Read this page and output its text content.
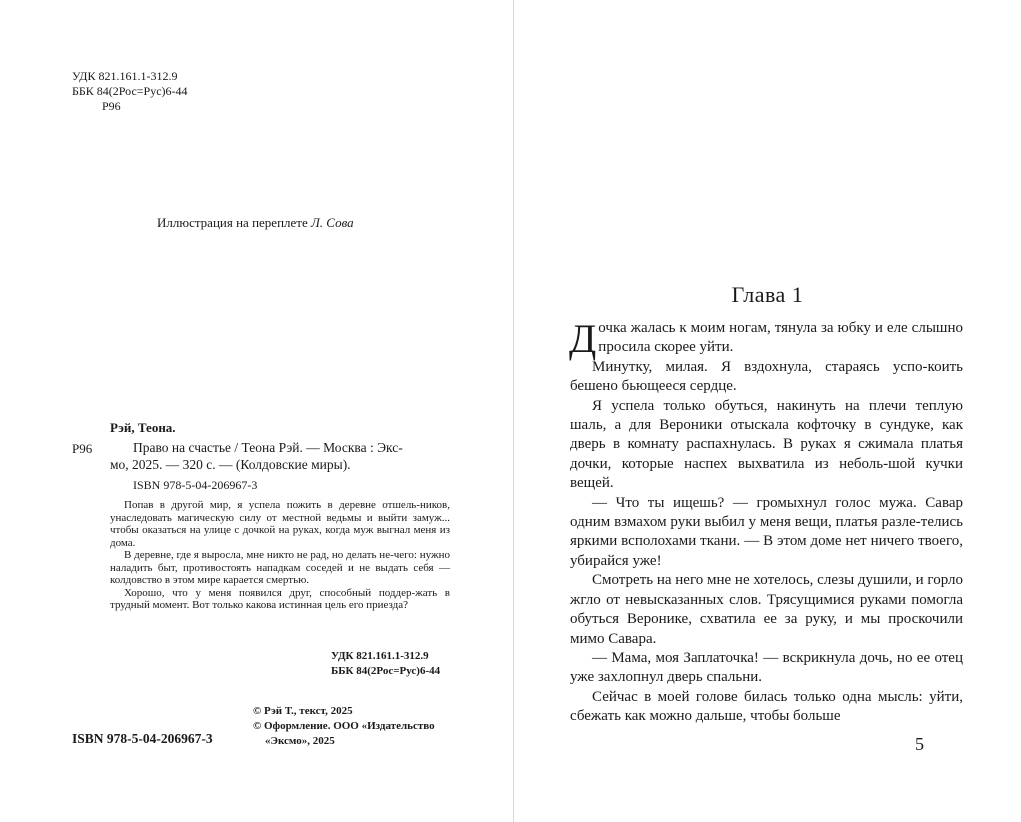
УДК 821.161.1-312.9
ББК 84(2Рос=Рус)6-44
Р96
Иллюстрация на переплете Л. Сова
Рэй, Теона.
Р96	Право на счастье / Теона Рэй. — Москва : Экс-
мо, 2025. — 320 с. — (Колдовские миры).
ISBN 978-5-04-206967-3

Попав в другой мир, я успела пожить в деревне отшель-ников, унаследовать магическую силу от местной ведьмы и выйти замуж... чтобы оказаться на улице с дочкой на руках, когда муж выгнал меня из дома.

В деревне, где я выросла, мне никто не рад, но делать не-чего: нужно наладить быт, противостоять нападкам соседей и не выдать себя — колдовство в этом мире карается смертью.

Хорошо, что у меня появился друг, способный поддер-жать в трудный момент. Вот только какова истинная цель его приезда?

УДК 821.161.1-312.9
ББК 84(2Рос=Рус)6-44
© Рэй Т., текст, 2025
© Оформление. ООО «Издательство
«Эксмо», 2025
ISBN 978-5-04-206967-3
Глава 1

Дочка жалась к моим ногам, тянула за юбку и еле слышно просила скорее уйти.

Минутку, милая. Я вздохнула, стараясь успо-коить бешено бьющееся сердце.

Я успела только обуться, накинуть на плечи теплую шаль, а для Вероники отыскала кофточку в сундуке, как дверь в комнату распахнулась. В руках я сжимала платья дочки, которые наспех выхватила из неболь-шой кучки вещей.

— Что ты ищешь? — громыхнул голос мужа. Савар одним взмахом руки выбил у меня вещи, платья разле-телись яркими всполохами ткани. — В этом доме нет ничего твоего, убирайся уже!

Смотреть на него мне не хотелось, слезы душили, и горло жгло от невысказанных слов. Трясущимися руками помогла обуться Веронике, схватила ее за руку, и мы проскочили мимо Савара.

— Мама, моя Заплаточка! — вскрикнула дочь, но ее отец уже захлопнул дверь спальни.

Сейчас в моей голове билась только одна мысль: уйти, сбежать как можно дальше, чтобы больше

5
